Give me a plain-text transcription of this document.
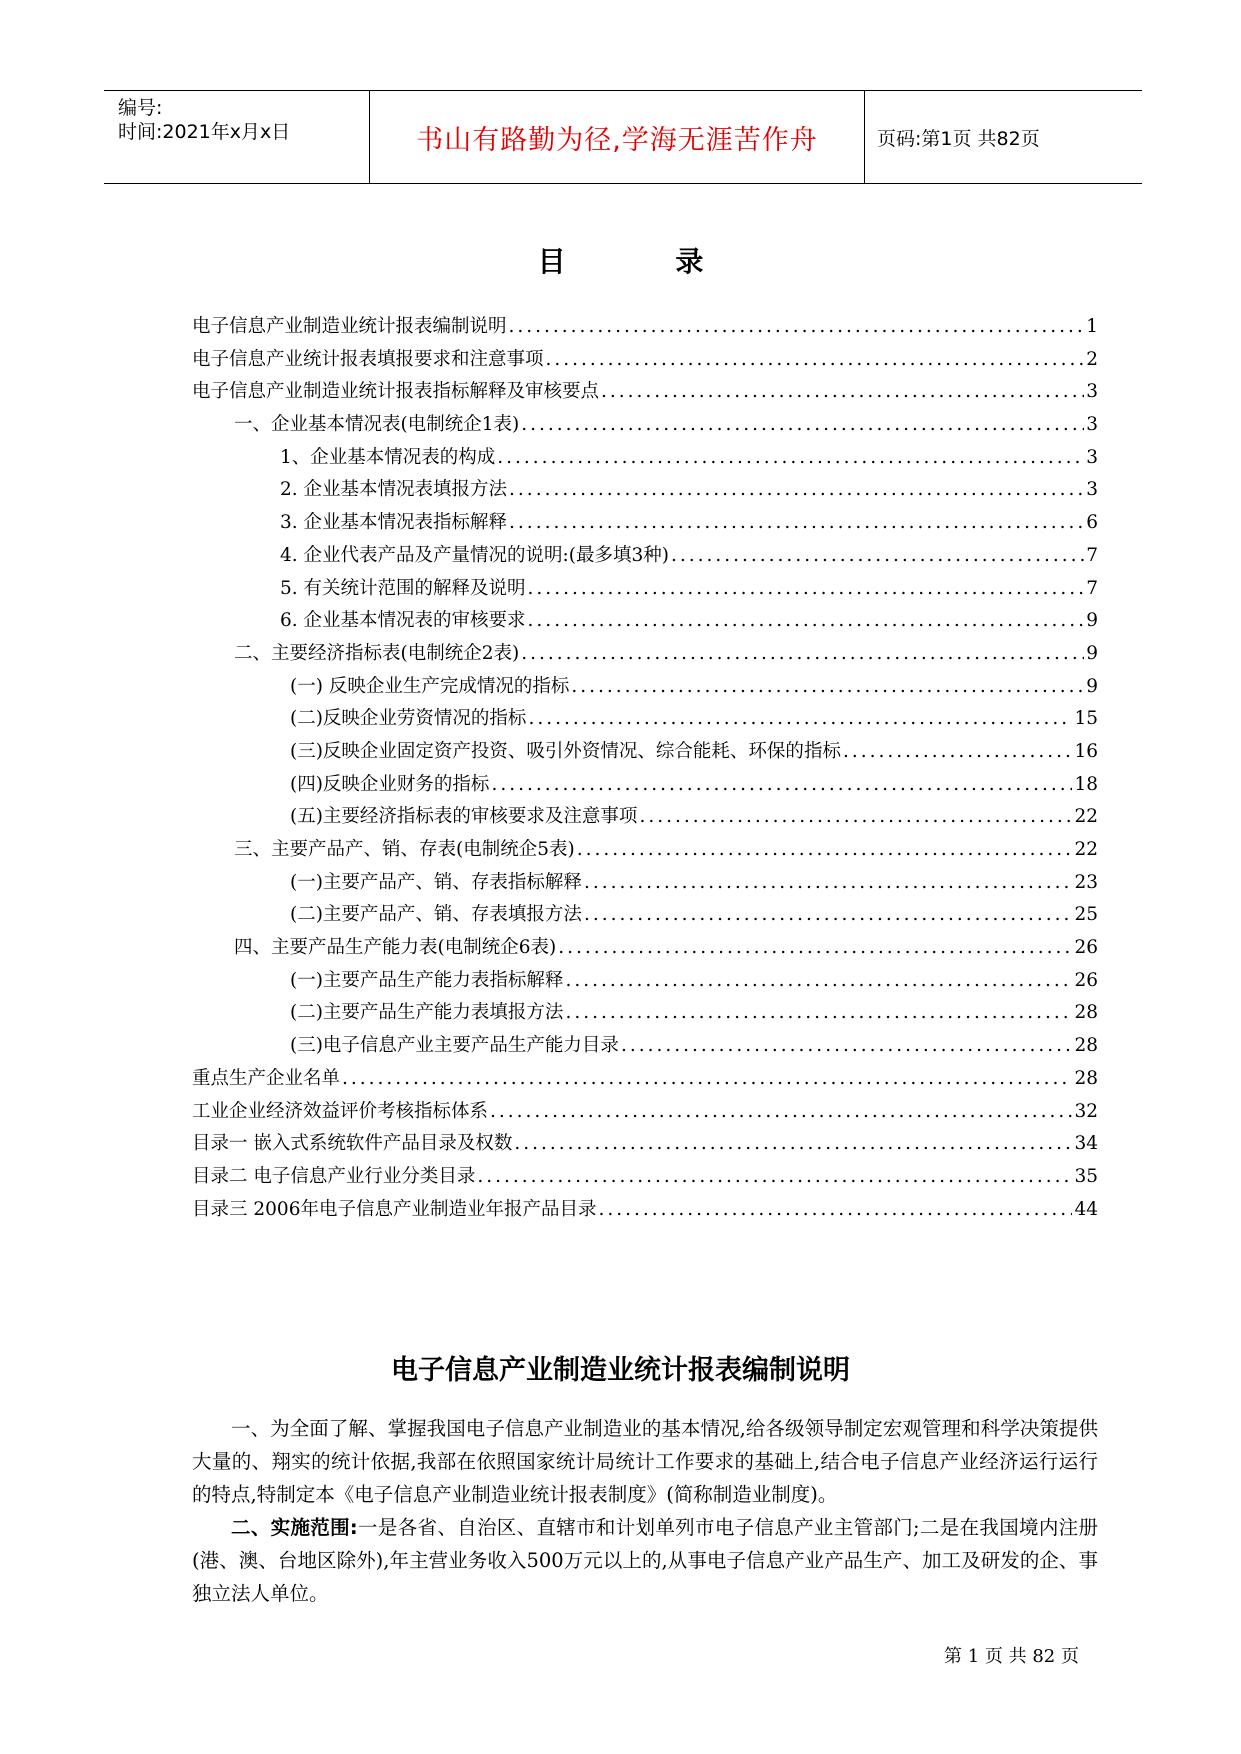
编号:
时间:2021年x月x日	书山有路勤为径,学海无涯苦作舟	页码:第1页 共82页
目 录
电子信息产业制造业统计报表编制说明 .....	1
电子信息产业统计报表填报要求和注意事项 .....	2
电子信息产业制造业统计报表指标解释及审核要点 .....	3
一、企业基本情况表(电制统企1表) .....	3
1、企业基本情况表的构成 .....	3
2. 企业基本情况表填报方法 .....	3
3. 企业基本情况表指标解释 .....	6
4. 企业代表产品及产量情况的说明:(最多填3种) .....	7
5. 有关统计范围的解释及说明 .....	7
6. 企业基本情况表的审核要求 .....	9
二、主要经济指标表(电制统企2表) .....	9
(一) 反映企业生产完成情况的指标 .....	9
(二)反映企业劳资情况的指标 .....	15
(三)反映企业固定资产投资、吸引外资情况、综合能耗、环保的指标 .....	16
(四)反映企业财务的指标 .....	18
(五)主要经济指标表的审核要求及注意事项 .....	22
三、主要产品产、销、存表(电制统企5表) .....	22
(一)主要产品产、销、存表指标解释 .....	23
(二)主要产品产、销、存表填报方法 .....	25
四、主要产品生产能力表(电制统企6表) .....	26
(一)主要产品生产能力表指标解释 .....	26
(二)主要产品生产能力表填报方法 .....	28
(三)电子信息产业主要产品生产能力目录 .....	28
重点生产企业名单 .....	28
工业企业经济效益评价考核指标体系 .....	32
目录一 嵌入式系统软件产品目录及权数 .....	34
目录二 电子信息产业行业分类目录 .....	35
目录三 2006年电子信息产业制造业年报产品目录 .....	44
电子信息产业制造业统计报表编制说明

一、为全面了解、掌握我国电子信息产业制造业的基本情况,给各级领导制定宏观管理和科学决策提供大量的、翔实的统计依据,我部在依照国家统计局统计工作要求的基础上,结合电子信息产业经济运行运行的特点,特制定本《电子信息产业制造业统计报表制度》(简称制造业制度)。

二、实施范围:一是各省、自治区、直辖市和计划单列市电子信息产业主管部门;二是在我国境内注册(港、澳、台地区除外),年主营业务收入500万元以上的,从事电子信息产业产品生产、加工及研发的企、事独立法人单位。

第 1 页 共 82 页
